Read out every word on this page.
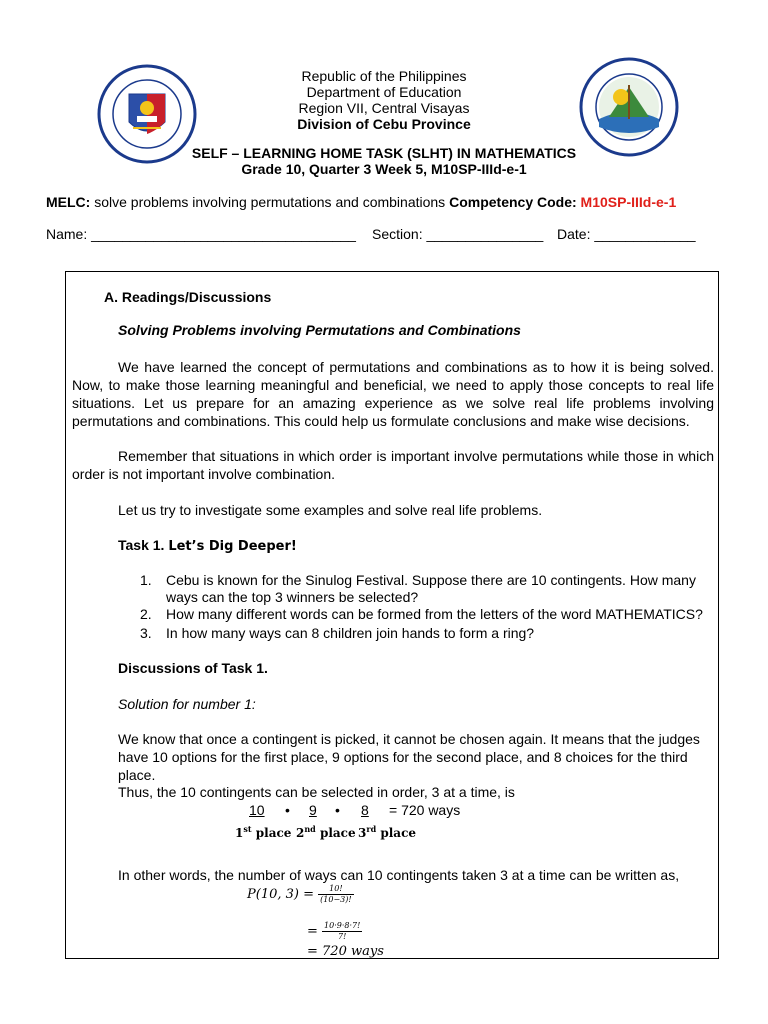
Republic of the Philippines
Department of Education
Region VII, Central Visayas
Division of Cebu Province
SELF – LEARNING HOME TASK (SLHT) IN MATHEMATICS
Grade 10, Quarter 3 Week 5, M10SP-IIId-e-1
MELC: solve problems involving permutations and combinations Competency Code: M10SP-IIId-e-1
Name: __________________________________ Section: _______________ Date: _____________
A. Readings/Discussions
Solving Problems involving Permutations and Combinations
We have learned the concept of permutations and combinations as to how it is being solved. Now, to make those learning meaningful and beneficial, we need to apply those concepts to real life situations. Let us prepare for an amazing experience as we solve real life problems involving permutations and combinations. This could help us formulate conclusions and make wise decisions.
Remember that situations in which order is important involve permutations while those in which order is not important involve combination.
Let us try to investigate some examples and solve real life problems.
Task 1. Let’s Dig Deeper!
1. Cebu is known for the Sinulog Festival. Suppose there are 10 contingents. How many
ways can the top 3 winners be selected?
2. How many different words can be formed from the letters of the word MATHEMATICS?
3. In how many ways can 8 children join hands to form a ring?
Discussions of Task 1.
Solution for number 1:
We know that once a contingent is picked, it cannot be chosen again. It means that the judges
have 10 options for the first place, 9 options for the second place, and 8 choices for the third
place.
Thus, the 10 contingents can be selected in order, 3 at a time, is
10 • 9 • 8 = 720 ways
1st place 2nd place 3rd place
In other words, the number of ways can 10 contingents taken 3 at a time can be written as,
P(10, $3) = \frac{10!}{(10-3)!}$
= $\frac{10\cdot 9\cdot 8\cdot 7!}{7!}$
= 720 ways
